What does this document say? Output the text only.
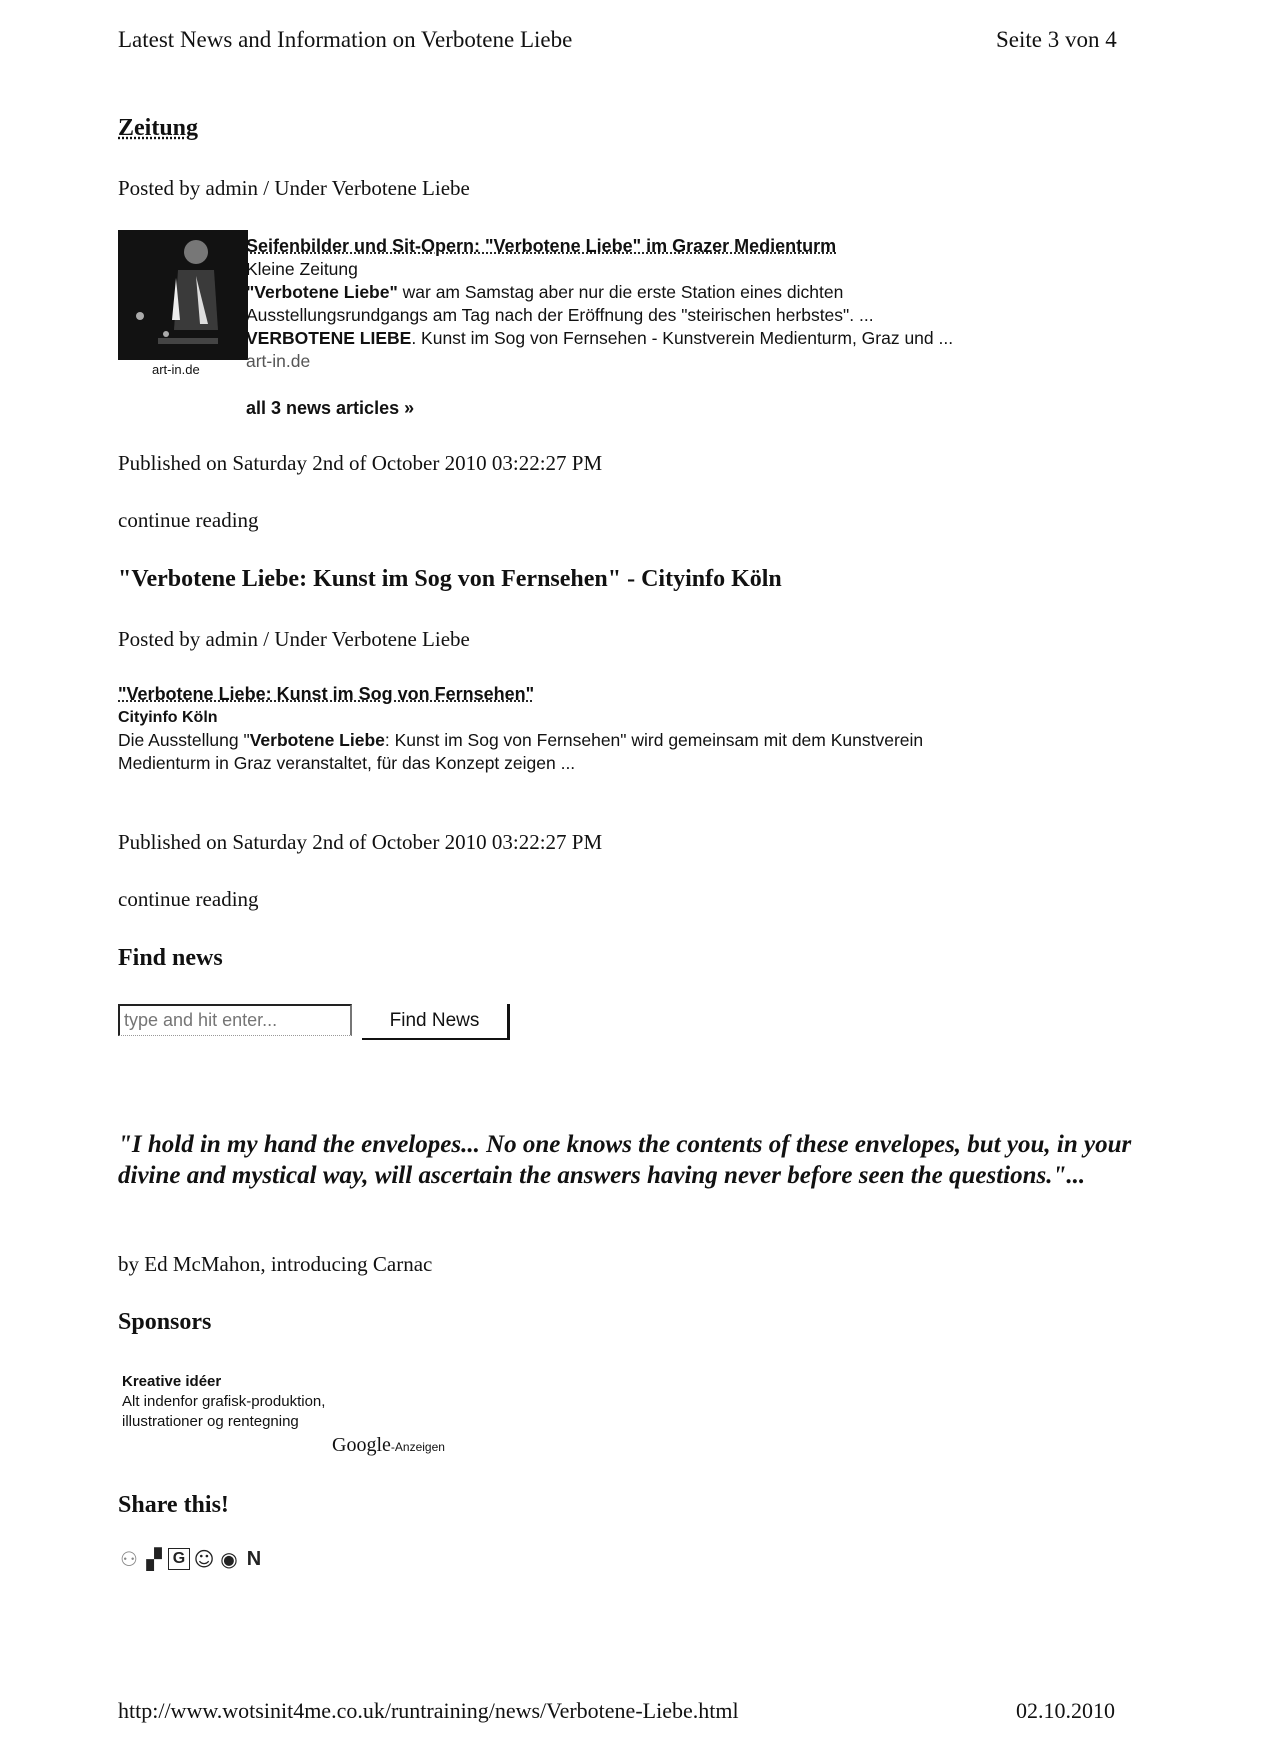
Latest News and Information on Verbotene Liebe	Seite 3 von 4
Zeitung
Posted by admin / Under Verbotene Liebe
art-in.de
Seifenbilder und Sit-Opern: "Verbotene Liebe" im Grazer Medienturm
Kleine Zeitung
"Verbotene Liebe" war am Samstag aber nur die erste Station eines dichten
Ausstellungsrundgangs am Tag nach der Eröffnung des "steirischen herbstes". ...
VERBOTENE LIEBE. Kunst im Sog von Fernsehen - Kunstverein Medienturm, Graz und ...
art-in.de
all 3 news articles »
Published on Saturday 2nd of October 2010 03:22:27 PM
continue reading
"Verbotene Liebe: Kunst im Sog von Fernsehen" - Cityinfo Köln
Posted by admin / Under Verbotene Liebe
"Verbotene Liebe: Kunst im Sog von Fernsehen"
Cityinfo Köln
Die Ausstellung "Verbotene Liebe: Kunst im Sog von Fernsehen" wird gemeinsam mit dem Kunstverein
Medienturm in Graz veranstaltet, für das Konzept zeigen ...
Published on Saturday 2nd of October 2010 03:22:27 PM
continue reading
Find news
type and hit enter...
Find News
"I hold in my hand the envelopes... No one knows the contents of these envelopes, but you, in your divine and mystical way, will ascertain the answers having never before seen the questions."...
by Ed McMahon, introducing Carnac
Sponsors
Kreative idéer
Alt indenfor grafisk-produktion,
illustrationer og rentegning
Google-Anzeigen
Share this!
⚇ ▞ G ☺ ◉ N
http://www.wotsinit4me.co.uk/runtraining/news/Verbotene-Liebe.html	02.10.2010
